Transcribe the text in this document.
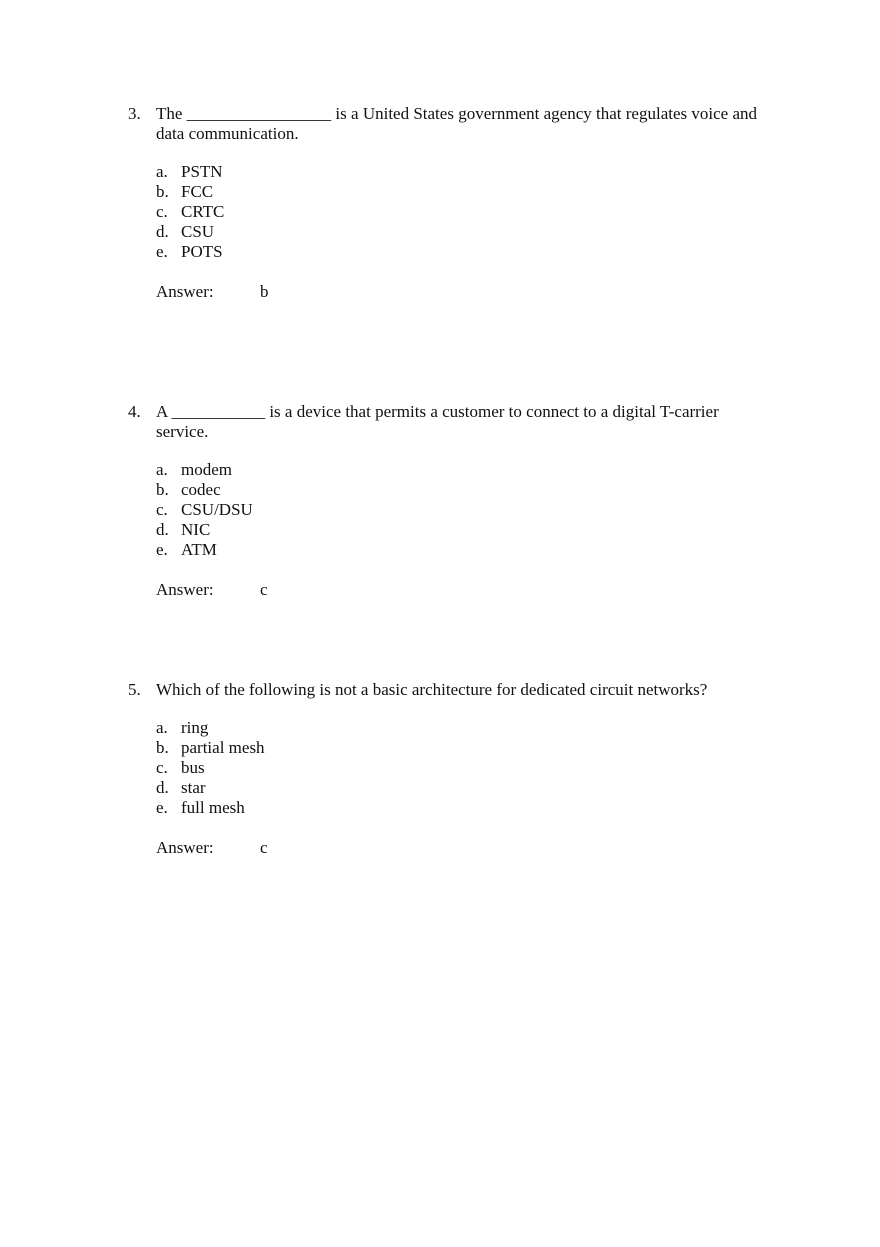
3. The _________________ is a United States government agency that regulates voice and data communication.
a. PSTN
b. FCC
c. CRTC
d. CSU
e. POTS
Answer:	b
4. A ___________ is a device that permits a customer to connect to a digital T-carrier service.
a. modem
b. codec
c. CSU/DSU
d. NIC
e. ATM
Answer:	c
5. Which of the following is not a basic architecture for dedicated circuit networks?
a. ring
b. partial mesh
c. bus
d. star
e. full mesh
Answer:	c
